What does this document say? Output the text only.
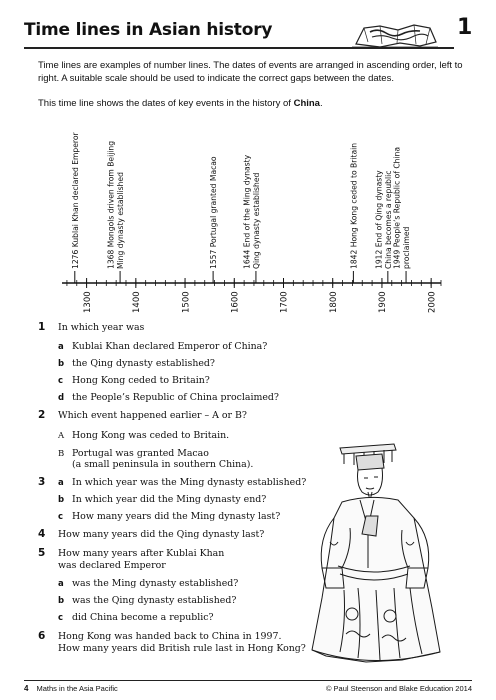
Time lines in Asian history	1
Time lines are examples of number lines. The dates of events are arranged in ascending order, left to right. A suitable scale should be used to indicate the correct gaps between the dates.
This time line shows the dates of key events in the history of China.
1300	1400	1500	1600	1700	1800	1900	2000
1276 Kublai Khan declared Emperor	1368 Mongols driven from Beijing Ming dynasty established	1557 Portugal granted Macao	1644 End of the Ming dynasty Qing dynasty established	1842 Hong Kong ceded to Britain 1912 End of Qing dynasty China becomes a republic 1949 People’s Republic of China proclaimed
1 In which year was
a Kublai Khan declared Emperor of China?
b the Qing dynasty established?
c Hong Kong ceded to Britain?
d the People’s Republic of China proclaimed?
2 Which event happened earlier – A or B?
A Hong Kong was ceded to Britain.
B Portugal was granted Macao
(a small peninsula in southern China).
3 a In which year was the Ming dynasty established?
b In which year did the Ming dynasty end?
c How many years did the Ming dynasty last?
4 How many years did the Qing dynasty last?
5 How many years after Kublai Khan
was declared Emperor
a was the Ming dynasty established?
b was the Qing dynasty established?
c did China become a republic?
6 Hong Kong was handed back to China in 1997.
How many years did British rule last in Hong Kong?
4 Maths in the Asia Pacific	© Paul Steenson and Blake Education 2014
